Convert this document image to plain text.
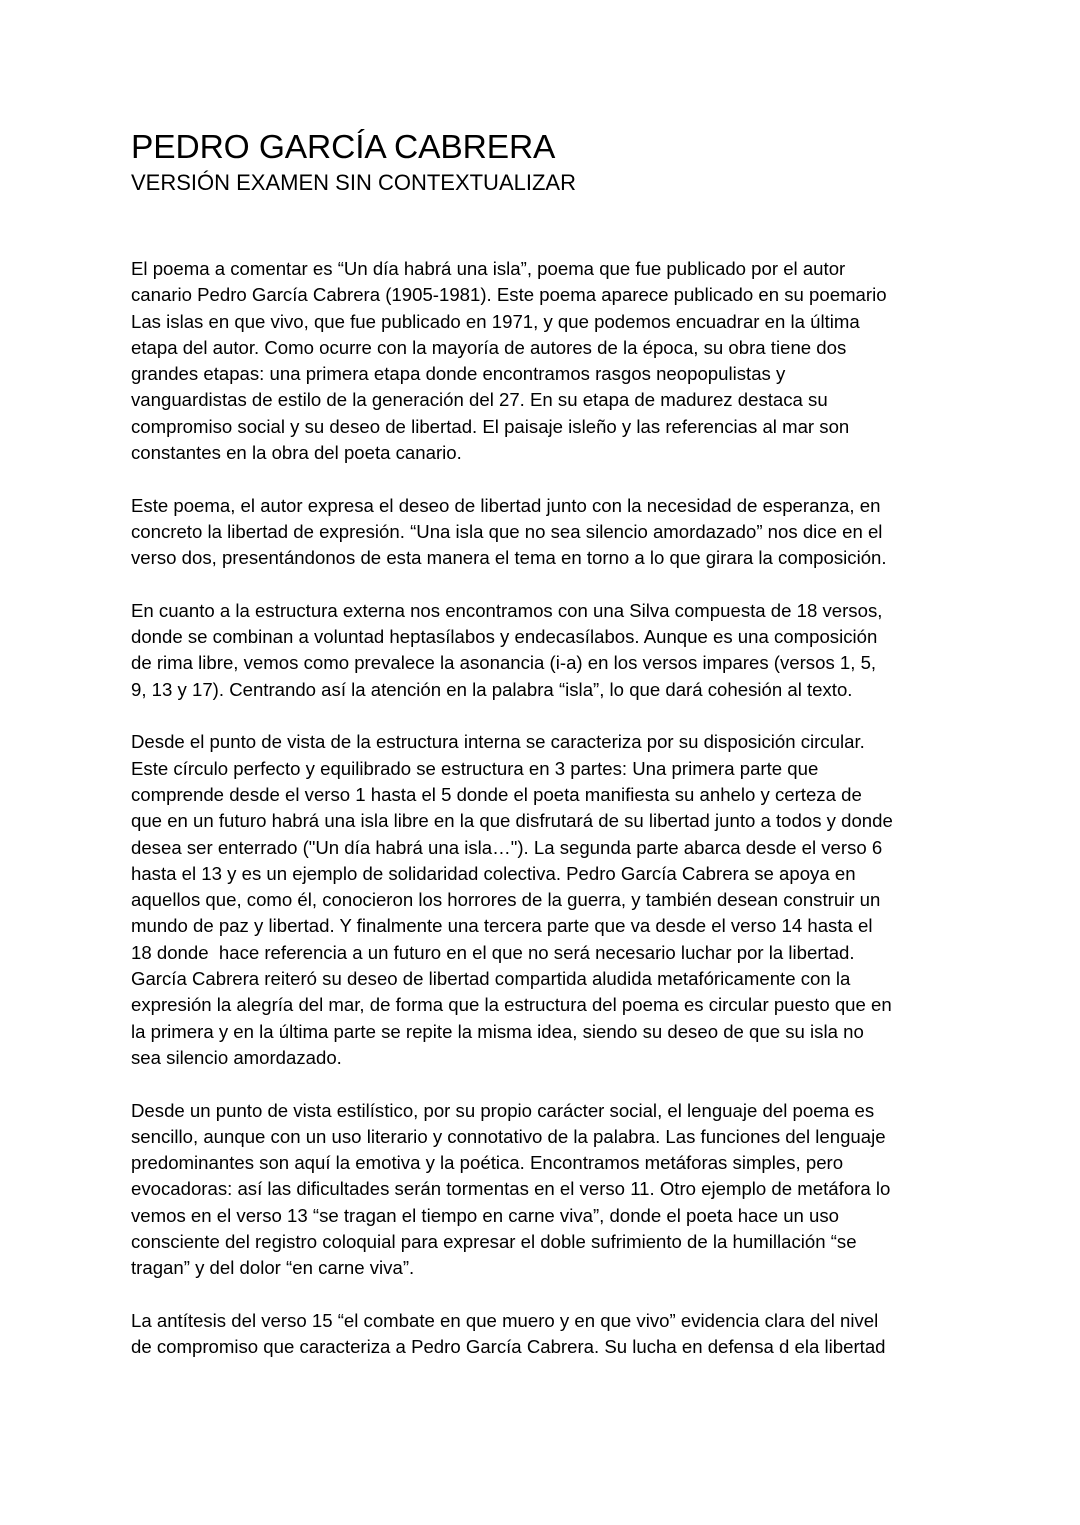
PEDRO GARCÍA CABRERA
VERSIÓN EXAMEN SIN CONTEXTUALIZAR

El poema a comentar es “Un día habrá una isla”, poema que fue publicado por el autor
canario Pedro García Cabrera (1905-1981). Este poema aparece publicado en su poemario
Las islas en que vivo, que fue publicado en 1971, y que podemos encuadrar en la última
etapa del autor. Como ocurre con la mayoría de autores de la época, su obra tiene dos
grandes etapas: una primera etapa donde encontramos rasgos neopopulistas y
vanguardistas de estilo de la generación del 27. En su etapa de madurez destaca su
compromiso social y su deseo de libertad. El paisaje isleño y las referencias al mar son
constantes en la obra del poeta canario.

Este poema, el autor expresa el deseo de libertad junto con la necesidad de esperanza, en
concreto la libertad de expresión. “Una isla que no sea silencio amordazado” nos dice en el
verso dos, presentándonos de esta manera el tema en torno a lo que girara la composición.

En cuanto a la estructura externa nos encontramos con una Silva compuesta de 18 versos,
donde se combinan a voluntad heptasílabos y endecasílabos. Aunque es una composición
de rima libre, vemos como prevalece la asonancia (i-a) en los versos impares (versos 1, 5,
9, 13 y 17). Centrando así la atención en la palabra “isla”, lo que dará cohesión al texto.

Desde el punto de vista de la estructura interna se caracteriza por su disposición circular.
Este círculo perfecto y equilibrado se estructura en 3 partes: Una primera parte que
comprende desde el verso 1 hasta el 5 donde el poeta manifiesta su anhelo y certeza de
que en un futuro habrá una isla libre en la que disfrutará de su libertad junto a todos y donde
desea ser enterrado ("Un día habrá una isla…"). La segunda parte abarca desde el verso 6
hasta el 13 y es un ejemplo de solidaridad colectiva. Pedro García Cabrera se apoya en
aquellos que, como él, conocieron los horrores de la guerra, y también desean construir un
mundo de paz y libertad. Y finalmente una tercera parte que va desde el verso 14 hasta el
18 donde  hace referencia a un futuro en el que no será necesario luchar por la libertad.
García Cabrera reiteró su deseo de libertad compartida aludida metafóricamente con la
expresión la alegría del mar, de forma que la estructura del poema es circular puesto que en
la primera y en la última parte se repite la misma idea, siendo su deseo de que su isla no
sea silencio amordazado.

Desde un punto de vista estilístico, por su propio carácter social, el lenguaje del poema es
sencillo, aunque con un uso literario y connotativo de la palabra. Las funciones del lenguaje
predominantes son aquí la emotiva y la poética. Encontramos metáforas simples, pero
evocadoras: así las dificultades serán tormentas en el verso 11. Otro ejemplo de metáfora lo
vemos en el verso 13 “se tragan el tiempo en carne viva”, donde el poeta hace un uso
consciente del registro coloquial para expresar el doble sufrimiento de la humillación “se
tragan” y del dolor “en carne viva”.

La antítesis del verso 15 “el combate en que muero y en que vivo” evidencia clara del nivel
de compromiso que caracteriza a Pedro García Cabrera. Su lucha en defensa d ela libertad
